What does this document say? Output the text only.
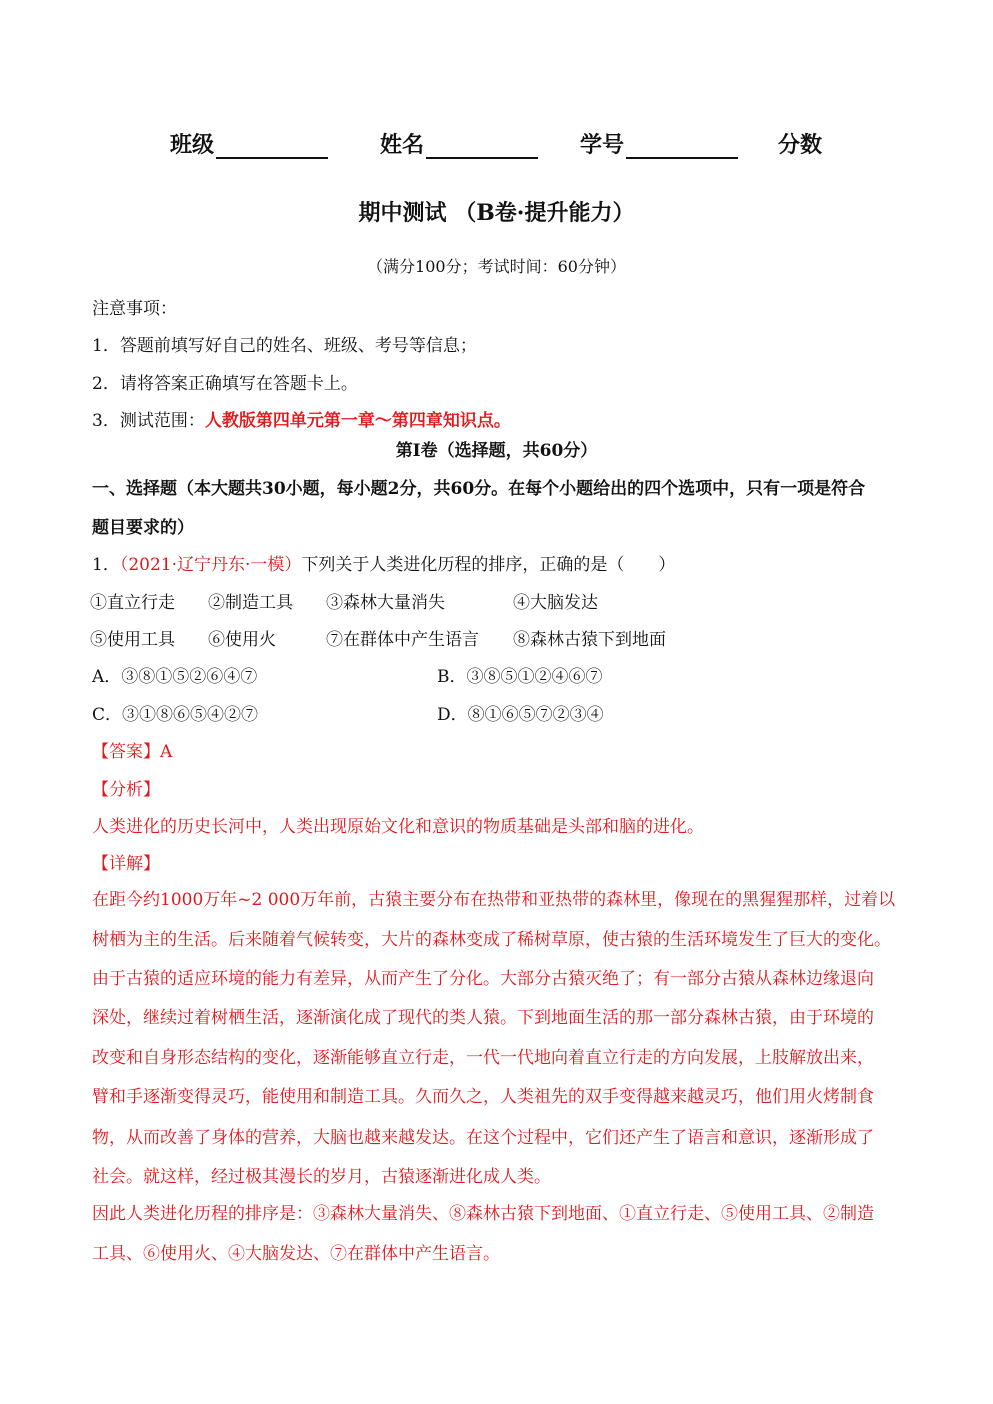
班级	姓名	学号	分数
期中测试 （B卷·提升能力）
（满分100分；考试时间：60分钟）
注意事项：
1．答题前填写好自己的姓名、班级、考号等信息；
2．请将答案正确填写在答题卡上。
3．测试范围：人教版第四单元第一章～第四章知识点。
第Ⅰ卷（选择题，共60分）
一、选择题（本大题共30小题，每小题2分，共60分。在每个小题给出的四个选项中，只有一项是符合
题目要求的）
1．（2021·辽宁丹东·一模）下列关于人类进化历程的排序，正确的是（　　）
①直立行走 ②制造工具 ③森林大量消失	④大脑发达
⑤使用工具 ⑥使用火	⑦在群体中产生语言 ⑧森林古猿下到地面
A．③⑧①⑤②⑥④⑦	B．③⑧⑤①②④⑥⑦
C．③①⑧⑥⑤④②⑦	D．⑧①⑥⑤⑦②③④
【答案】A
【分析】
人类进化的历史长河中，人类出现原始文化和意识的物质基础是头部和脑的进化。
【详解】
在距今约1000万年~2 000万年前，古猿主要分布在热带和亚热带的森林里，像现在的黑猩猩那样，过着以
树栖为主的生活。后来随着气候转变，大片的森林变成了稀树草原，使古猿的生活环境发生了巨大的变化。
由于古猿的适应环境的能力有差异，从而产生了分化。大部分古猿灭绝了；有一部分古猿从森林边缘退向
深处，继续过着树栖生活，逐渐演化成了现代的类人猿。下到地面生活的那一部分森林古猿，由于环境的
改变和自身形态结构的变化，逐渐能够直立行走，一代一代地向着直立行走的方向发展，上肢解放出来，
臂和手逐渐变得灵巧，能使用和制造工具。久而久之，人类祖先的双手变得越来越灵巧，他们用火烤制食
物，从而改善了身体的营养，大脑也越来越发达。在这个过程中，它们还产生了语言和意识，逐渐形成了
社会。就这样，经过极其漫长的岁月，古猿逐渐进化成人类。
因此人类进化历程的排序是：③森林大量消失、⑧森林古猿下到地面、①直立行走、⑤使用工具、②制造
工具、⑥使用火、④大脑发达、⑦在群体中产生语言。
